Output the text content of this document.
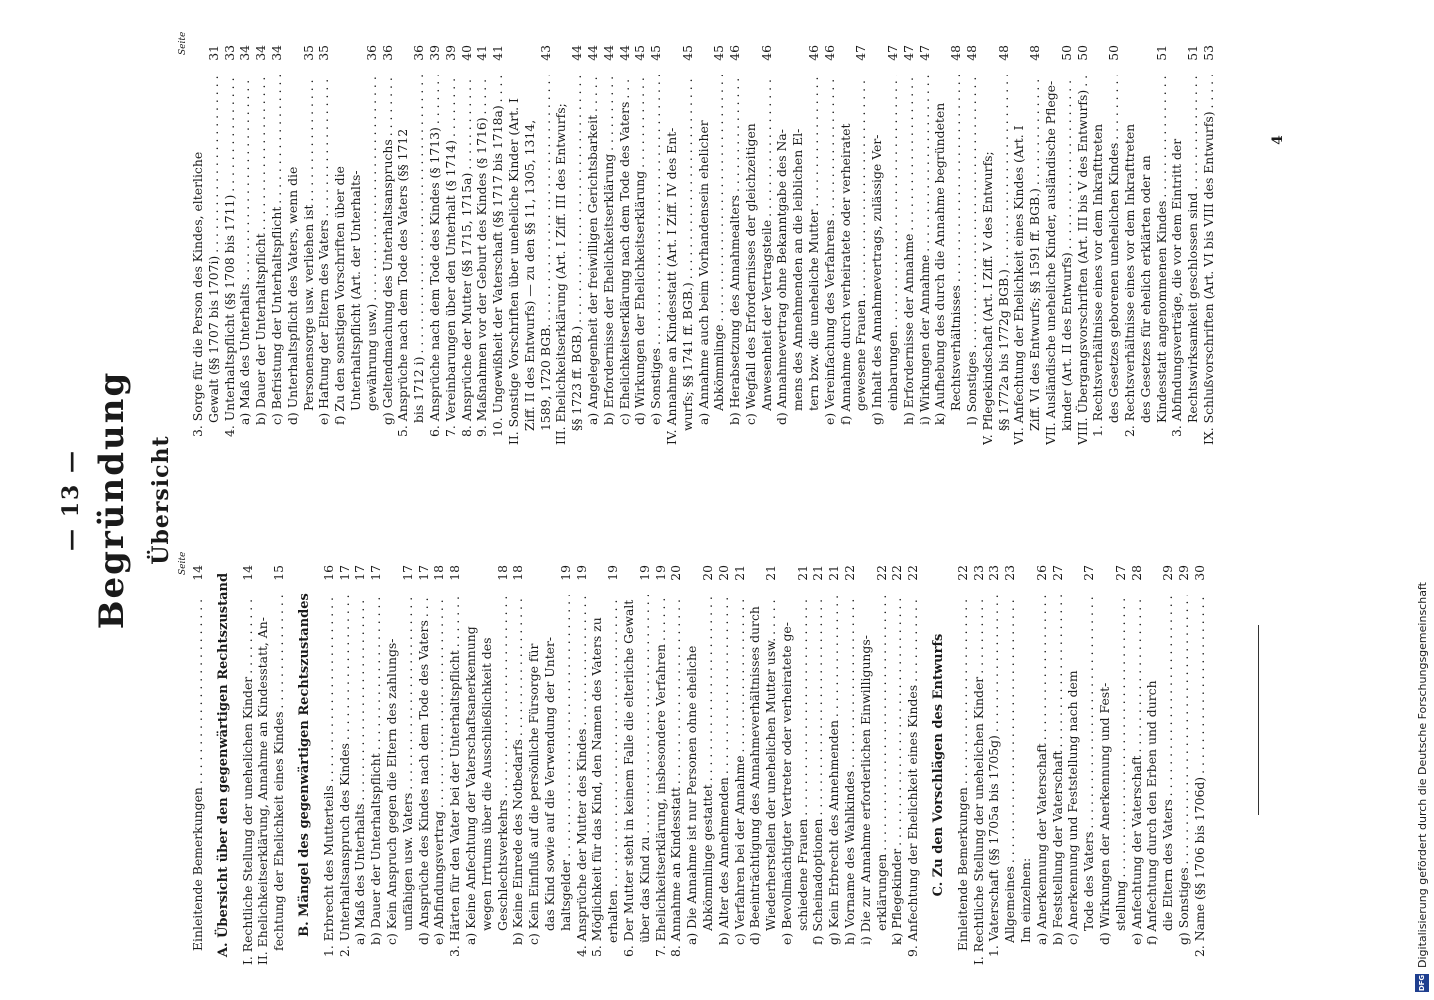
— 13 — Begründung Übersicht Seite
Seite
Einleitende Bemerkungen . . .
14
A. Übersicht über den gegenwärtigen Rechtszustand I. Rechtliche Stellung der unehelichen Kinder . . .
14
II. Ehelichkeitserklärung, Annahme an Kindesstatt, An- fechtung der Ehelichkeit eines Kindes . . .
15
B. Mängel des gegenwärtigen Rechtszustandes 1. Erbrecht des Mutterteils . . .
16
2. Unterhaltsanspruch des Kindes . . .
17
a) Maß des Unterhalts . . .
17
b) Dauer der Unterhaltspflicht . . .
17
c) Kein Anspruch gegen die Eltern des zahlungs- unfähigen usw. Vaters . . .
17
d) Ansprüche des Kindes nach dem Tode des Vaters . . .
17
e) Abfindungsvertrag . . .
18
3. Härten für den Vater bei der Unterhaltspflicht . . .
18
a) Keine Anfechtung der Vaterschaftsanerkennung wegen Irrtums über die Ausschließlichkeit des Geschlechtsverkehrs . . .
18
b) Keine Einrede des Notbedarfs . . .
18
c) Kein Einfluß auf die persönliche Fürsorge für das Kind sowie auf die Verwendung der Unter- haltsgelder . . .
19
4. Ansprüche der Mutter des Kindes . . .
19
5. Möglichkeit für das Kind, den Namen des Vaters zu erhalten . . .
19
6. Der Mutter steht in keinem Falle die elterliche Gewalt über das Kind zu . . .
19
7. Ehelichkeitserklärung, insbesondere Verfahren . . .
19
8. Annahme an Kindesstatt . . .
20
a) Die Annahme ist nur Personen ohne eheliche Abkömmlinge gestattet . . .
20
b) Alter des Annehmenden . . .
20
c) Verfahren bei der Annahme . . .
21
d) Beeinträchtigung des Annahmeverhältnisses durch Wiederherstellen der unehelichen Mutter usw. . . .
21
e) Bevollmächtigter Vertreter oder verheiratete ge- schiedene Frauen . . .
21
f) Scheinadoptionen . . .
21
g) Kein Erbrecht des Annehmenden . . .
21
h) Vorname des Wahlkindes . . .
22
i) Die zur Annahme erforderlichen Einwilligungs- erklärungen . . .
22
k) Pflegekinder . . .
22
9. Anfechtung der Ehelichkeit eines Kindes . . .
22
C. Zu den Vorschlägen des Entwurfs Einleitende Bemerkungen . . .
22
I. Rechtliche Stellung der unehelichen Kinder . . .
23
1. Vaterschaft (§§ 1705a bis 1705g) . . .
23
Allgemeines . . .
23
Im einzelnen: a) Anerkennung der Vaterschaft . . .
26
b) Feststellung der Vaterschaft . . .
27
c) Anerkennung und Feststellung nach dem Tode des Vaters . . .
27
d) Wirkungen der Anerkennung und Fest- stellung . . .
27
e) Anfechtung der Vaterschaft . . .
28
f) Anfechtung durch den Erben und durch die Eltern des Vaters . . .
29
g) Sonstiges . . .
29
2. Name (§§ 1706 bis 1706d) . . .
30
3. Sorge für die Person des Kindes, elterliche Gewalt (§§ 1707 bis 1707i) . . .
31
4. Unterhaltspflicht (§§ 1708 bis 1711) . . .
33
a) Maß des Unterhalts . . .
34
b) Dauer der Unterhaltspflicht . . .
34
c) Befristung der Unterhaltspflicht . . .
34
d) Unterhaltspflicht des Vaters, wenn die Personensorge usw. verliehen ist . . .
35
e) Haftung der Eltern des Vaters . . .
35
f) Zu den sonstigen Vorschriften über die Unterhaltspflicht (Art. der Unterhalts- gewährung usw.) . . .
36
g) Geltendmachung des Unterhaltsanspruchs . . .
36
5. Ansprüche nach dem Tode des Vaters (§§ 1712 bis 1712 i) . . .
36
6. Ansprüche nach dem Tode des Kindes (§ 1713) . . .
39
7. Vereinbarungen über den Unterhalt (§ 1714) . . .
39
8. Ansprüche der Mutter (§§ 1715, 1715a) . . .
40
9. Maßnahmen vor der Geburt des Kindes (§ 1716) . . .
41
10. Ungewißheit der Vaterschaft (§§ 1717 bis 1718a) . . .
41
II. Sonstige Vorschriften über uneheliche Kinder (Art. I Ziff. II des Entwurfs) — zu den §§ 11, 1305, 1314, 1589, 1720 BGB. . . .
43
III. Ehelichkeitserklärung (Art. I Ziff. III des Entwurfs; §§ 1723 ff. BGB.) . . .
44
a) Angelegenheit der freiwilligen Gerichtsbarkeit . . .
44
b) Erfordernisse der Ehelichkeitserklärung . . .
44
c) Ehelichkeitserklärung nach dem Tode des Vaters . . .
44
d) Wirkungen der Ehelichkeitserklärung . . .
45
e) Sonstiges . . .
45
IV. Annahme an Kindesstatt (Art. I Ziff. IV des Ent- wurfs; §§ 1741 ff. BGB.) . . .
45
a) Annahme auch beim Vorhandensein ehelicher Abkömmlinge . . .
45
b) Herabsetzung des Annahmealters . . .
46
c) Wegfall des Erfordernisses der gleichzeitigen Anwesenheit der Vertragsteile . . .
46
d) Annahmevertrag ohne Bekanntgabe des Na- mens des Annehmenden an die leiblichen El- tern bzw. die uneheliche Mutter . . .
46
e) Vereinfachung des Verfahrens . . .
46
f) Annahme durch verheiratete oder verheiratet gewesene Frauen . . .
47
g) Inhalt des Annahmevertrags, zulässige Ver- einbarungen . . .
47
h) Erfordernisse der Annahme . . .
47
i) Wirkungen der Annahme . . .
47
k) Aufhebung des durch die Annahme begründeten Rechtsverhältnisses . . .
48
l) Sonstiges . . .
48
V. Pflegekindschaft (Art. I Ziff. V des Entwurfs; §§ 1772a bis 1772g BGB.) . . .
48
VI. Anfechtung der Ehelichkeit eines Kindes (Art. I Ziff. VI des Entwurfs; §§ 1591 ff. BGB.) . . .
48
VII. Ausländische uneheliche Kinder, ausländische Pflege- kinder (Art. II des Entwurfs) . . .
50
VIII. Übergangsvorschriften (Art. III bis V des Entwurfs) . . .
50
1. Rechtsverhältnisse eines vor dem Inkrafttreten des Gesetzes geborenen unehelichen Kindes . . .
50
2. Rechtsverhältnisse eines vor dem Inkrafttreten des Gesetzes für ehelich erklärten oder an Kindesstatt angenommenen Kindes . . .
51
3. Abfindungsverträge, die vor dem Eintritt der Rechtswirksamkeit geschlossen sind . . .
51
IX. Schlußvorschriften (Art. VI bis VIII des Entwurfs) . . .
53
4
DFG
Digitalisierung gefördert durch die Deutsche Forschungsgemeinschaft
